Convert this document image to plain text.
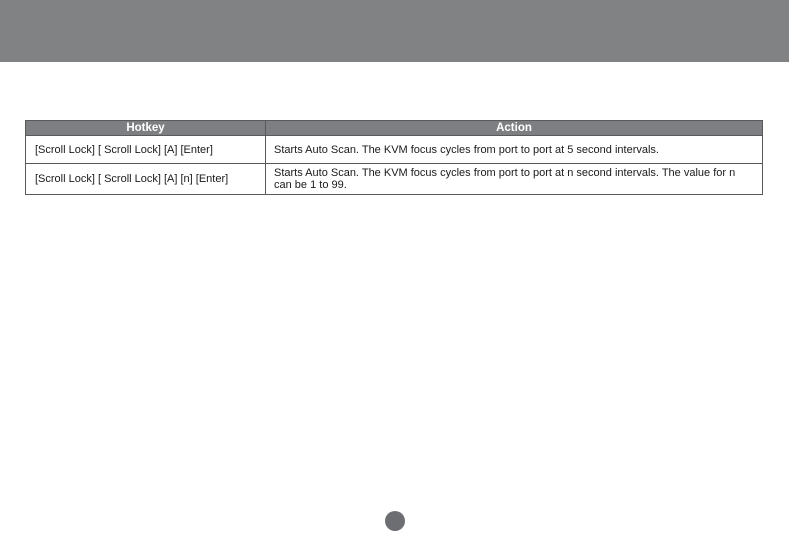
Hotkey	Action
[Scroll Lock] [ Scroll Lock] [A] [Enter]	Starts Auto Scan. The KVM focus cycles from port to port at 5 second intervals.
[Scroll Lock] [ Scroll Lock] [A] [n] [Enter]	Starts Auto Scan. The KVM focus cycles from port to port at n second intervals. The value for n can be 1 to 99.
